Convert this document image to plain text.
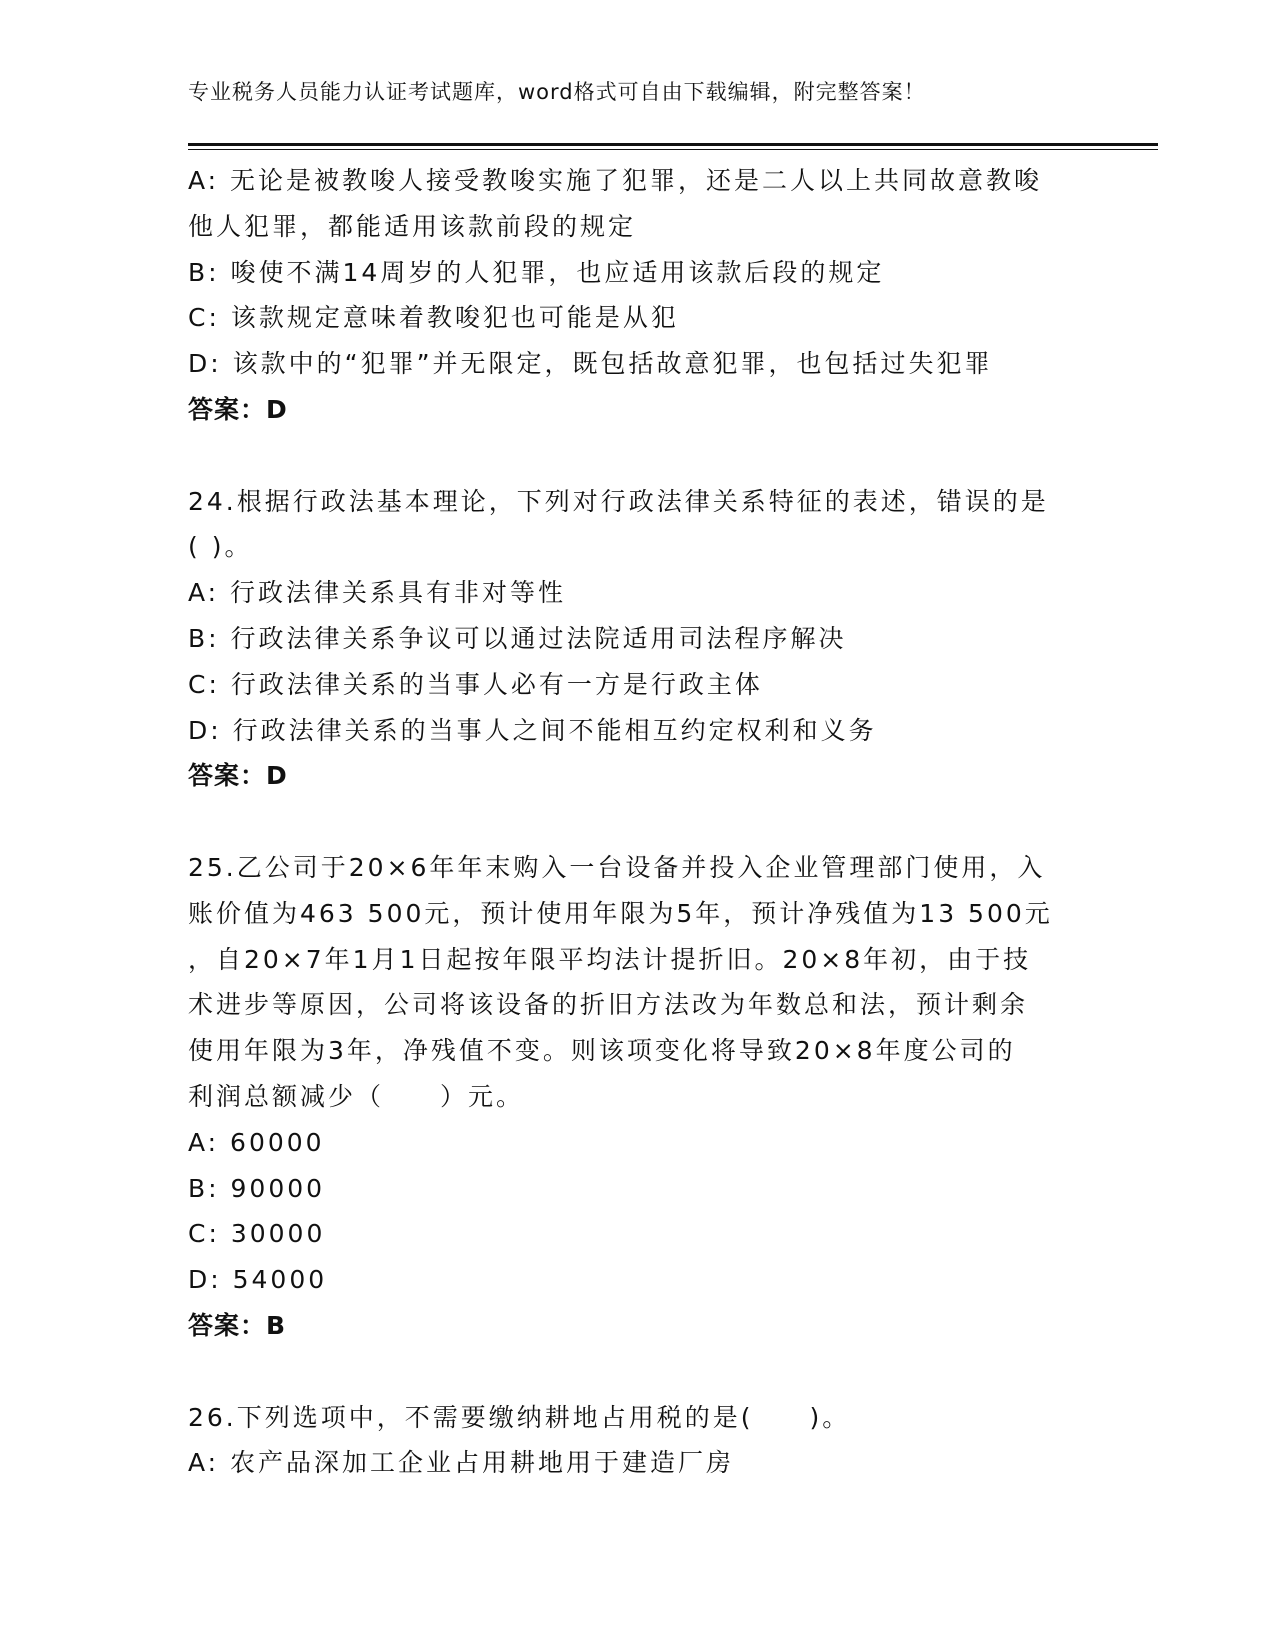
专业税务人员能力认证考试题库，word格式可自由下载编辑，附完整答案！
A: 无论是被教唆人接受教唆实施了犯罪，还是二人以上共同故意教唆
他人犯罪，都能适用该款前段的规定
B: 唆使不满14周岁的人犯罪，也应适用该款后段的规定
C: 该款规定意味着教唆犯也可能是从犯
D: 该款中的“犯罪”并无限定，既包括故意犯罪，也包括过失犯罪
答案：D
24.根据行政法基本理论，下列对行政法律关系特征的表述，错误的是
( )。
A: 行政法律关系具有非对等性
B: 行政法律关系争议可以通过法院适用司法程序解决
C: 行政法律关系的当事人必有一方是行政主体
D: 行政法律关系的当事人之间不能相互约定权利和义务
答案：D
25.乙公司于20×6年年末购入一台设备并投入企业管理部门使用，入
账价值为463 500元，预计使用年限为5年，预计净残值为13 500元
，自20×7年1月1日起按年限平均法计提折旧。20×8年初，由于技
术进步等原因，公司将该设备的折旧方法改为年数总和法，预计剩余
使用年限为3年，净残值不变。则该项变化将导致20×8年度公司的
利润总额减少（　　）元。
A: 60000
B: 90000
C: 30000
D: 54000
答案：B
26.下列选项中，不需要缴纳耕地占用税的是(　　)。
A: 农产品深加工企业占用耕地用于建造厂房
